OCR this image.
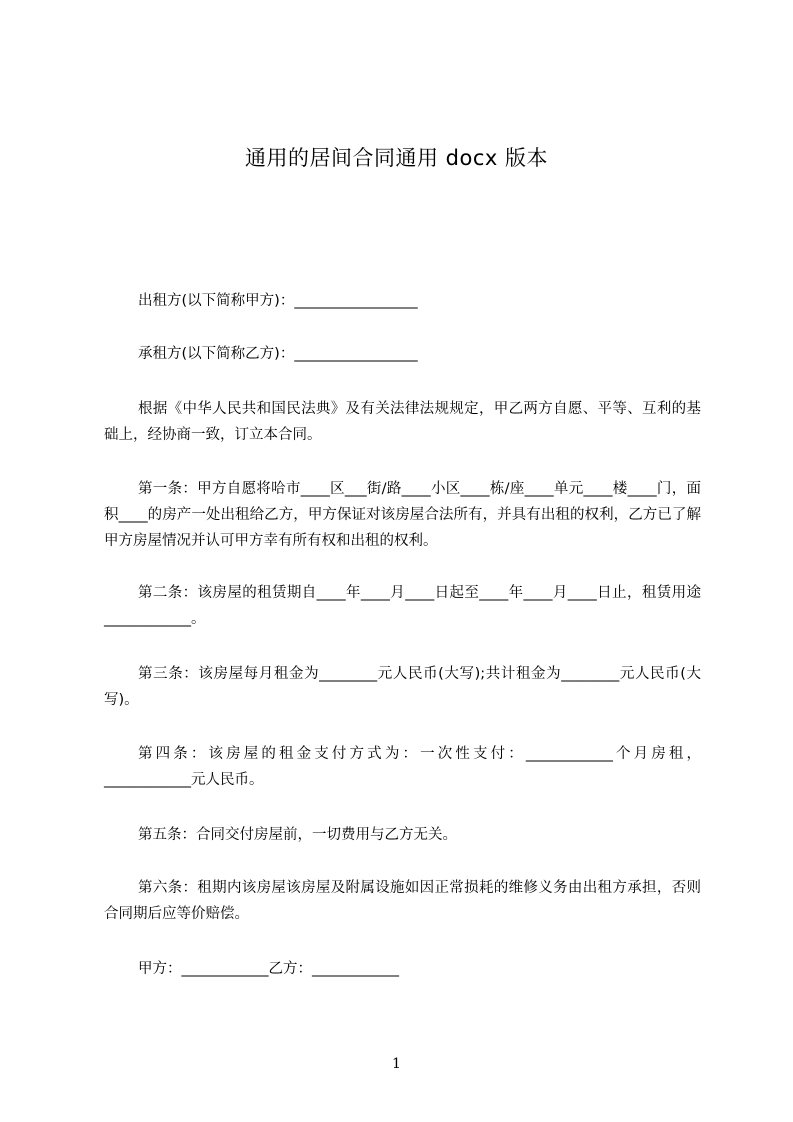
通用的居间合同通用 docx 版本
出租方(以下简称甲方)：_________________
承租方(以下简称乙方)：_________________
根据《中华人民共和国民法典》及有关法律法规规定，甲乙两方自愿、平等、互利的基础上，经协商一致，订立本合同。
第一条：甲方自愿将哈市____区___街/路____小区____栋/座____单元____楼____门，面积____的房产一处出租给乙方，甲方保证对该房屋合法所有，并具有出租的权利，乙方已了解甲方房屋情况并认可甲方幸有所有权和出租的权利。
第二条：该房屋的租赁期自____年____月____日起至____年____月____日止，租赁用途____________。
第三条：该房屋每月租金为________元人民币(大写);共计租金为________元人民币(大写)。
第四条：该房屋的租金支付方式为：一次性支付：____________个月房租，____________元人民币。
第五条：合同交付房屋前，一切费用与乙方无关。
第六条：租期内该房屋该房屋及附属设施如因正常损耗的维修义务由出租方承担，否则合同期后应等价赔偿。
甲方：____________乙方：____________
1
